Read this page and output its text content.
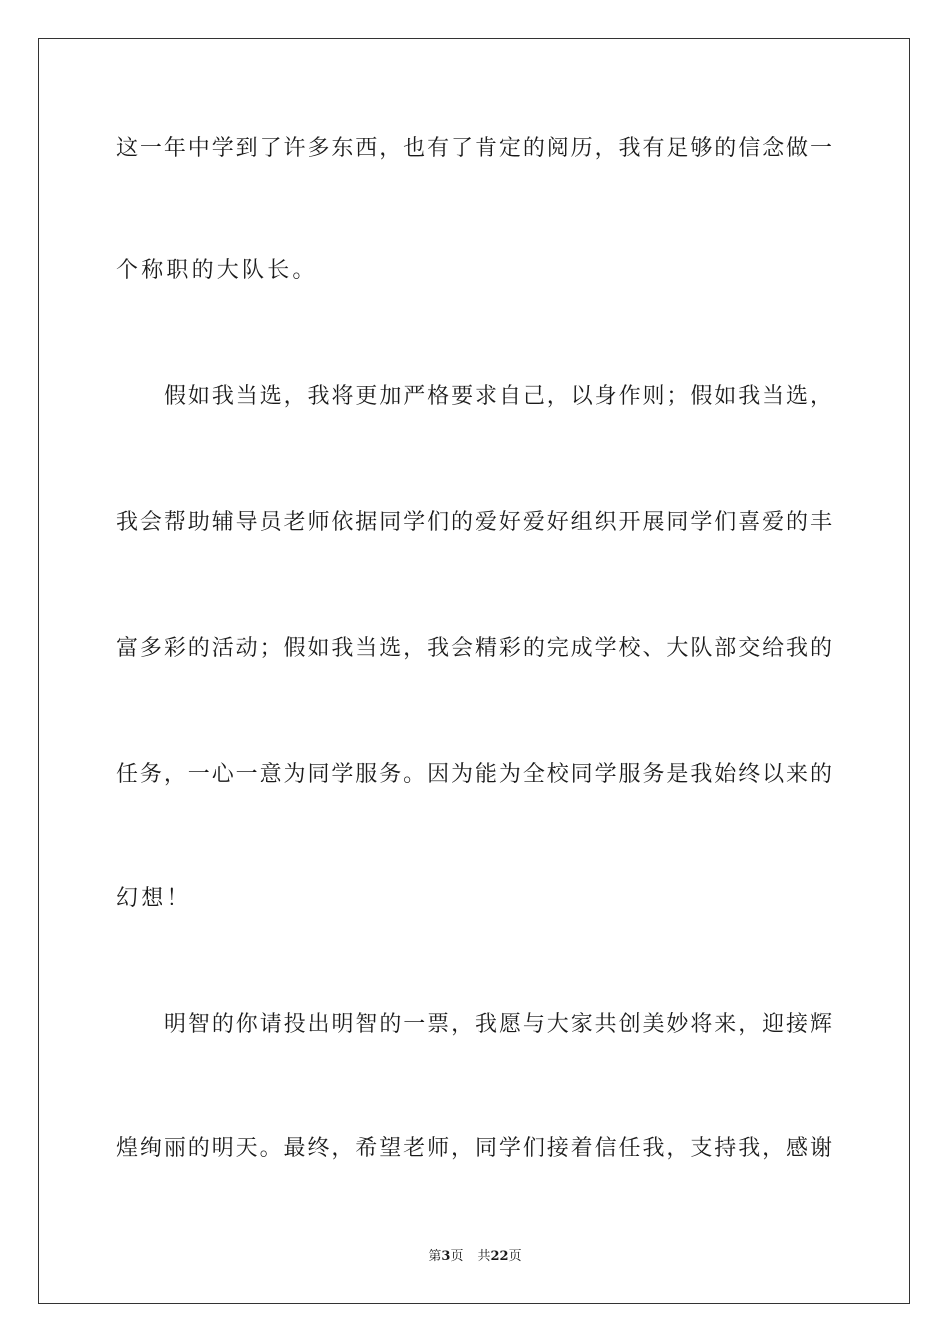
这一年中学到了许多东西，也有了肯定的阅历，我有足够的信念做一
个称职的大队长。
假如我当选，我将更加严格要求自己，以身作则；假如我当选，
我会帮助辅导员老师依据同学们的爱好爱好组织开展同学们喜爱的丰
富多彩的活动；假如我当选，我会精彩的完成学校、大队部交给我的
任务，一心一意为同学服务。因为能为全校同学服务是我始终以来的
幻想！
明智的你请投出明智的一票，我愿与大家共创美妙将来，迎接辉
煌绚丽的明天。最终，希望老师，同学们接着信任我，支持我，感谢
第3页 共22页
